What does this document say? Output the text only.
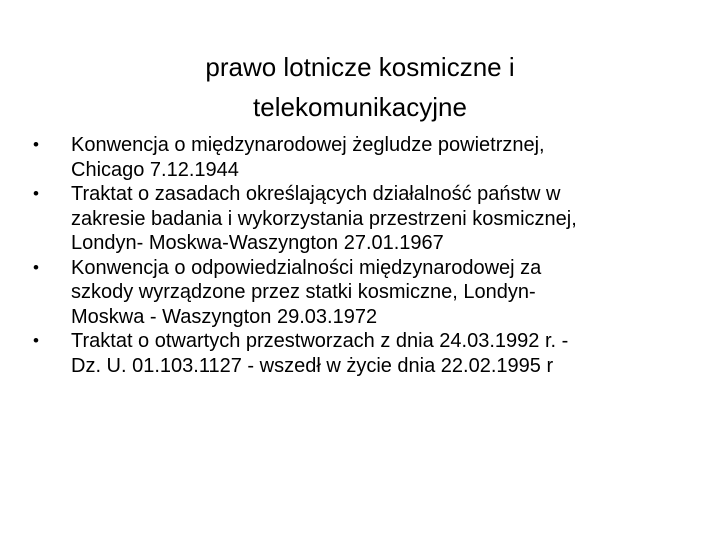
prawo lotnicze kosmiczne i
telekomunikacyjne
• Konwencja o międzynarodowej żegludze powietrznej,
Chicago 7.12.1944
• Traktat o zasadach określających działalność państw w
zakresie badania i wykorzystania przestrzeni kosmicznej,
Londyn- Moskwa-Waszyngton 27.01.1967
• Konwencja o odpowiedzialności międzynarodowej za
szkody wyrządzone przez statki kosmiczne, Londyn-
Moskwa - Waszyngton 29.03.1972
• Traktat o otwartych przestworzach z dnia 24.03.1992 r. -
Dz. U. 01.103.1127 - wszedł w życie dnia 22.02.1995 r
